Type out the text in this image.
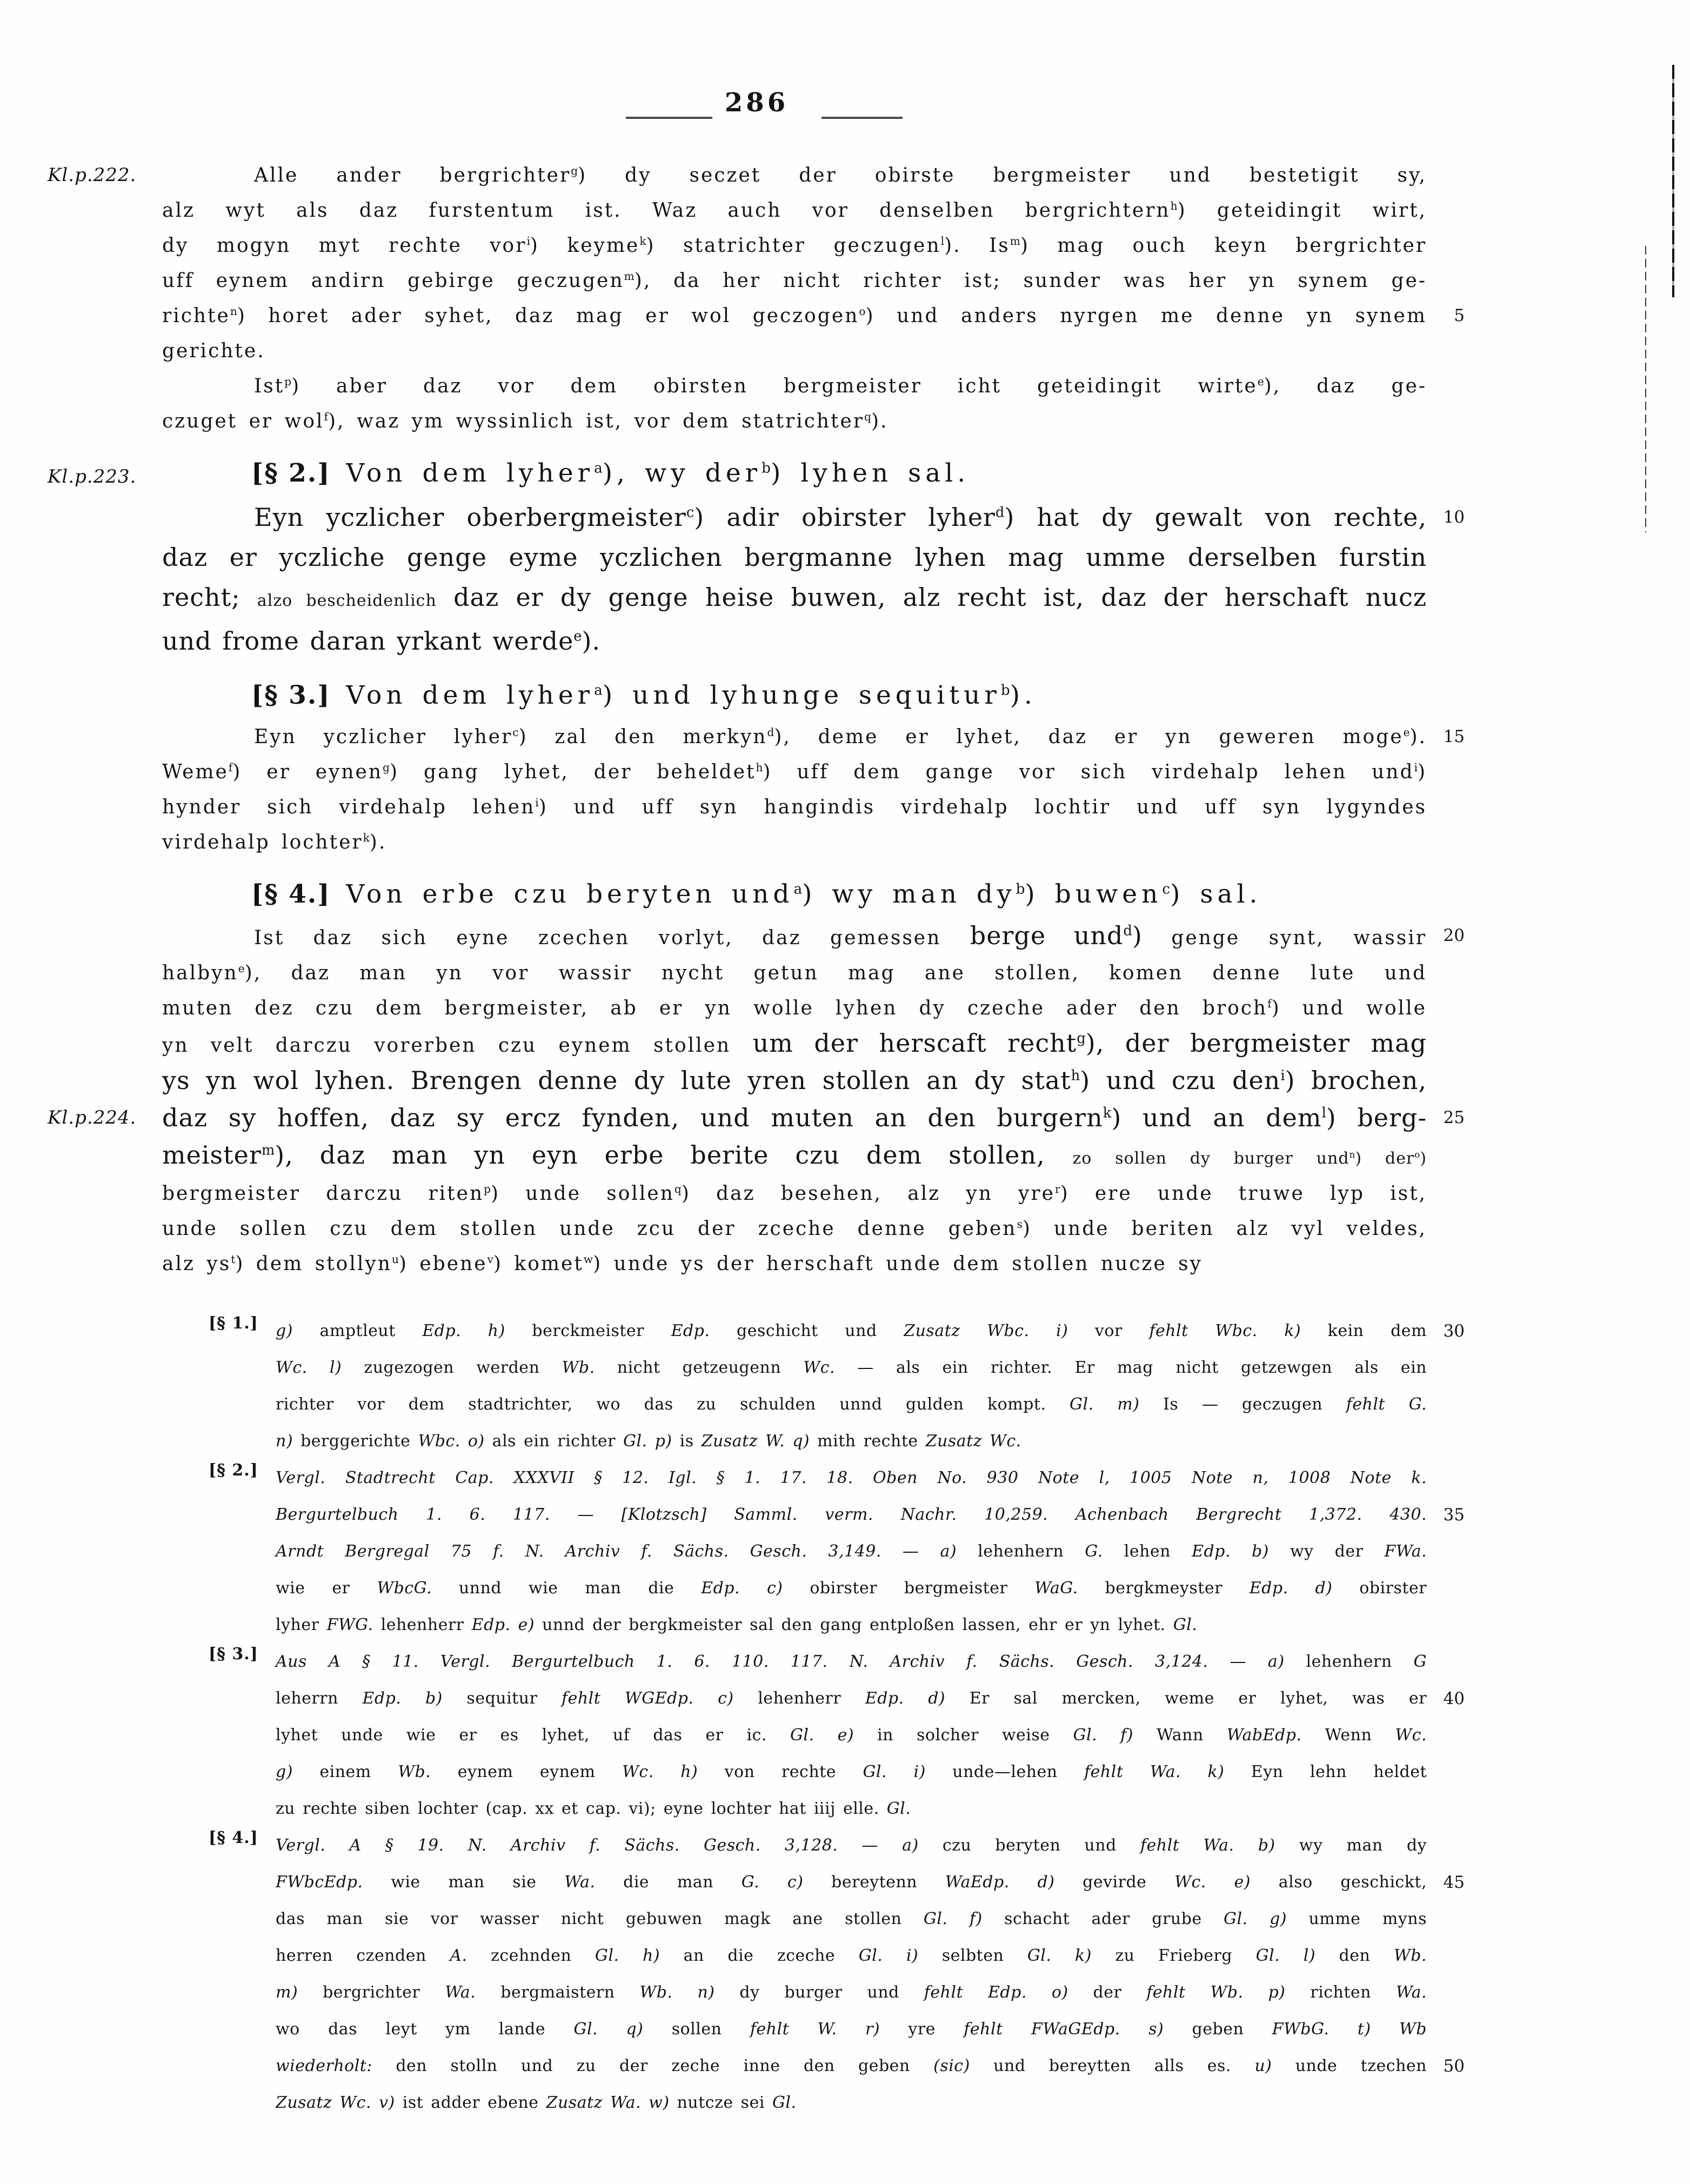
286
Alle ander bergrichter$^g$) dy seczet der obirste bergmeister und bestetigit sy,
Kl.p.222.
alz wyt als daz furstentum ist. Waz auch vor denselben bergrichtern$^h$) geteidingit wirt,
dy mogyn myt rechte vor$^i$) keyme$^k$) statrichter geczugen$^l$). Is$^m$) mag ouch keyn bergrichter
uff eynem andirn gebirge geczugen$^m$), da her nicht richter ist; sunder was her yn synem ge-
richte$^n$) horet ader syhet, daz mag er wol geczogen$^o$) und anders nyrgen me denne yn synem 5
gerichte.
Ist$^p$) aber daz vor dem obirsten bergmeister icht geteidingit wirte$^e$), daz ge-
czuget er wol$^f$), waz ym wyssinlich ist, vor dem statrichter$^q$).
[§ 2.] Von dem lyher$^a$), wy der$^b$) lyhen sal.
Kl.p.223.
Eyn yczlicher oberbergmeister$^c$) adir obirster lyher$^d$) hat dy gewalt von rechte, 10
daz er yczliche genge eyme yczlichen bergmanne lyhen mag umme derselben furstin
recht; alzo bescheidenlich daz er dy genge heise buwen, alz recht ist, daz der herschaft nucz
und frome daran yrkant werde$^e$).
[§ 3.] Von dem lyher$^a$) und lyhunge sequitur$^b$).
Eyn yczlicher lyher$^c$) zal den merkyn$^d$), deme er lyhet, daz er yn geweren moge$^e$). 15
Weme$^f$) er eynen$^g$) gang lyhet, der beheldet$^h$) uff dem gange vor sich virdehalp lehen und$^i$)
hynder sich virdehalp lehen$^i$) und uff syn hangindis virdehalp lochtir und uff syn lygyndes
virdehalp lochter$^k$).
[§ 4.] Von erbe czu beryten und$^a$) wy man $dy^b$) buwen$^c$) sal.
Ist daz sich eyne zcechen vorlyt, daz gemessen berge und$^d$) genge synt, wassir 20
halbyn$^e$), daz man yn vor wassir nycht getun mag ane stollen, komen denne lute und
muten dez czu dem bergmeister, ab er yn wolle lyhen dy czeche ader den broch$^f$) und wolle
yn velt darczu vorerben czu eynem stollen um der herscaft recht$^g$), der bergmeister mag
ys yn wol lyhen. Brengen denne dy lute yren stollen an dy stat$^h$) und czu den$^i$) brochen,
daz sy hoffen, daz sy ercz fynden, und muten an den burgern$^k$) und an dem$^l$) berg-
Kl.p.224.	25
meister$^m$), daz man yn eyn erbe berite czu dem stollen, zo sollen dy burger und$^n$) der$^o$)
bergmeister darczu riten$^p$) unde sollen$^q$) daz besehen, alz yn yre$^r$) ere unde truwe lyp ist,
unde sollen czu dem stollen unde zcu der zceche denne geben$^s$) unde beriten alz vyl veldes,
alz $ys^t$) dem stollyn$^u$) ebene$^v$) komet$^w$) unde ys der herschaft unde dem stollen nucze sy
[§ 1.] g) amptleut Edp. h) berckmeister Edp. geschicht und Zusatz Wbc. i) vor fehlt Wbc. k) kein dem 30
Wc. l) zugezogen werden Wb. nicht getzeugenn Wc. — als ein richter. Er mag nicht getzewgen als ein
richter vor dem stadtrichter, wo das zu schulden unnd gulden kompt. Gl. m) Is — geczugen fehlt G.
n) berggerichte Wbc. o) als ein richter Gl. p) is Zusatz W. q) mith rechte Zusatz Wc.
[§ 2.] Vergl. Stadtrecht Cap. XXXVII § 12. Igl. § 1. 17. 18. Oben No. 930 Note l, 1005 Note n, 1008 Note k.
Bergurtelbuch 1. 6. 117. — [Klotzsch] Samml. verm. Nachr. 10,259. Achenbach Bergrecht 1,372. 430. 35
Arndt Bergregal 75 f. N. Archiv f. Sächs. Gesch. 3,149. — a) lehenhern G. lehen Edp. b) wy der FWa.
wie er WbcG. unnd wie man die Edp. c) obirster bergmeister WaG. bergkmeyster Edp. d) obirster
lyher FWG. lehenherr Edp. e) unnd der bergkmeister sal den gang entploßen lassen, ehr er yn lyhet. Gl.
[§ 3.] Aus A § 11. Vergl. Bergurtelbuch 1. 6. 110. 117. N. Archiv f. Sächs. Gesch. 3,124. — a) lehenhern G
leherrn Edp. b) sequitur fehlt WGEdp. c) lehenherr Edp. d) Er sal mercken, weme er lyhet, was er 40
lyhet unde wie er es lyhet, uf das er ic. Gl. e) in solcher weise Gl. f) Wann WabEdp. Wenn Wc.
g) einem Wb. eynem eynem Wc. h) von rechte Gl. i) unde—lehen fehlt Wa. k) Eyn lehn heldet
zu rechte siben lochter (cap. xx et cap. vi); eyne lochter hat iiij elle. Gl.
[§ 4.] Vergl. A § 19. N. Archiv f. Sächs. Gesch. 3,128. — a) czu beryten und fehlt Wa. b) wy man dy
FWbcEdp. wie man sie Wa. die man G. c) bereytenn WaEdp. d) gevirde Wc. e) also geschickt, 45
das man sie vor wasser nicht gebuwen magk ane stollen Gl. f) schacht ader grube Gl. g) umme myns
herren czenden A. zcehnden Gl. h) an die zceche Gl. i) selbten Gl. k) zu Frieberg Gl. l) den Wb.
m) bergrichter Wa. bergmaistern Wb. n) dy burger und fehlt Edp. o) der fehlt Wb. p) richten Wa.
wo das leyt ym lande Gl. q) sollen fehlt W. r) yre fehlt FWaGEdp. s) geben FWbG. t) Wb
wiederholt: den stolln und zu der zeche inne den geben (sic) und bereytten alls es. u) unde tzechen 50
Zusatz Wc. v) ist adder ebene Zusatz Wa. w) nutcze sei Gl.
